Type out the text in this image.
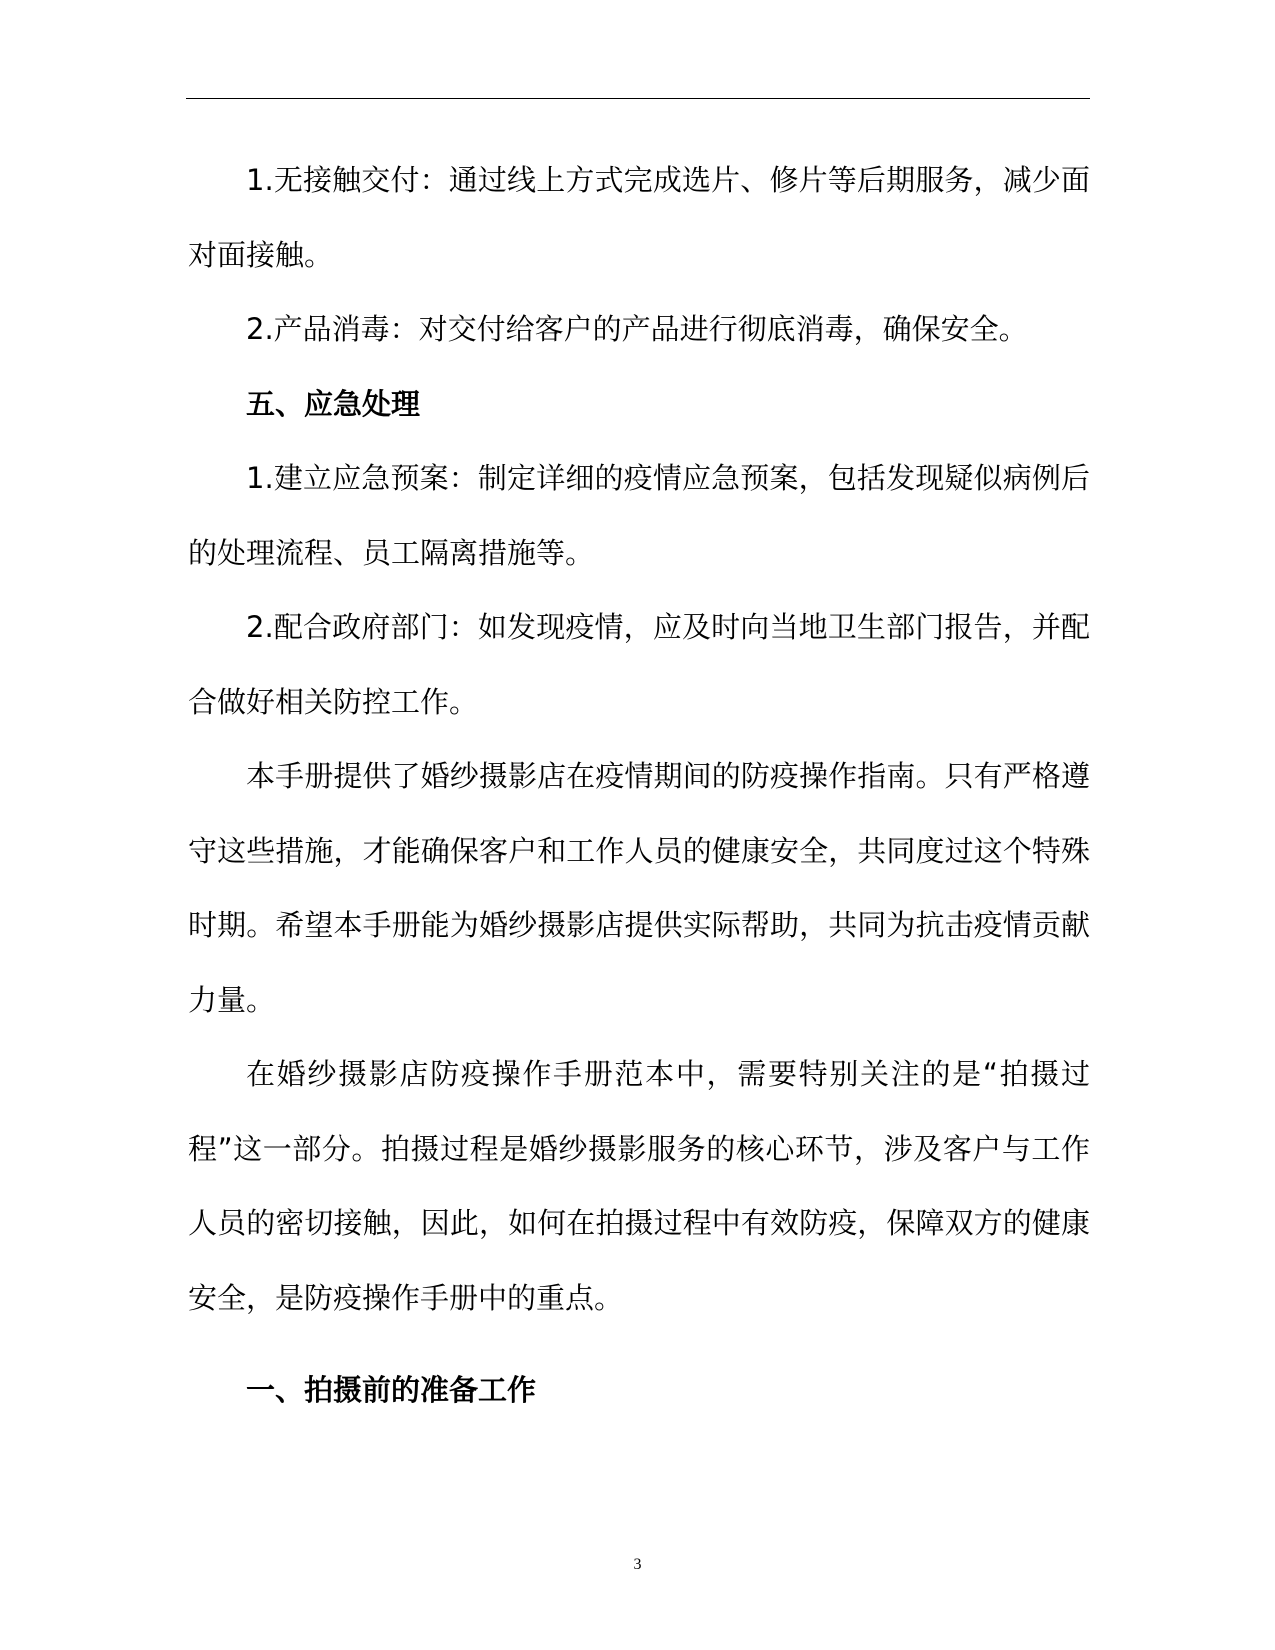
1.无接触交付：通过线上方式完成选片、修片等后期服务，减少面对面接触。

2.产品消毒：对交付给客户的产品进行彻底消毒，确保安全。

五、应急处理

1.建立应急预案：制定详细的疫情应急预案，包括发现疑似病例后的处理流程、员工隔离措施等。

2.配合政府部门：如发现疫情，应及时向当地卫生部门报告，并配合做好相关防控工作。

本手册提供了婚纱摄影店在疫情期间的防疫操作指南。只有严格遵守这些措施，才能确保客户和工作人员的健康安全，共同度过这个特殊时期。希望本手册能为婚纱摄影店提供实际帮助，共同为抗击疫情贡献力量。

在婚纱摄影店防疫操作手册范本中，需要特别关注的是“拍摄过程”这一部分。拍摄过程是婚纱摄影服务的核心环节，涉及客户与工作人员的密切接触，因此，如何在拍摄过程中有效防疫，保障双方的健康安全，是防疫操作手册中的重点。

一、拍摄前的准备工作

3
